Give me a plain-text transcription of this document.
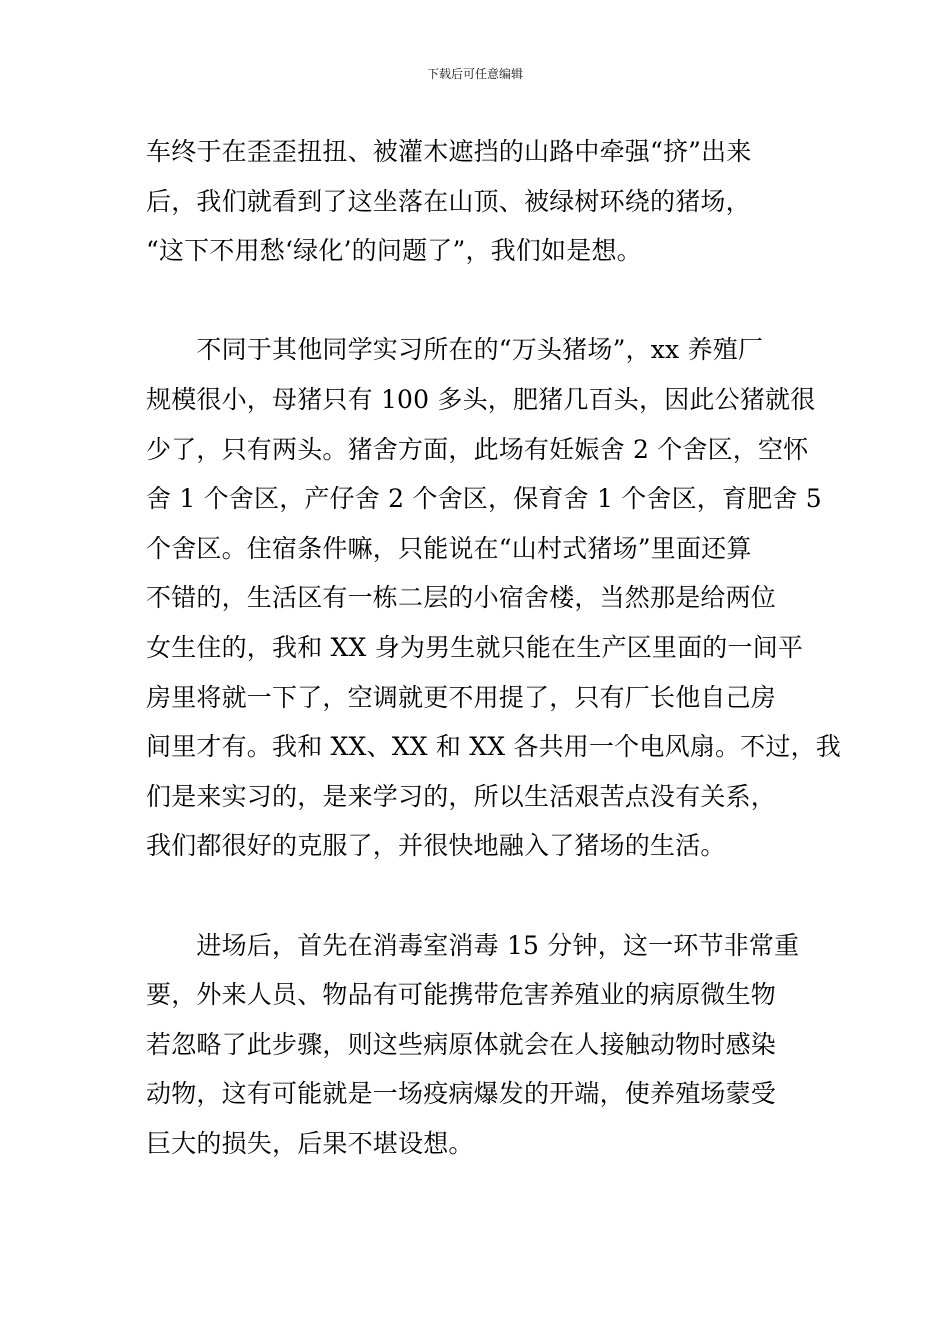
下载后可任意编辑
车终于在歪歪扭扭、被灌木遮挡的山路中牵强“挤”出来
后，我们就看到了这坐落在山顶、被绿树环绕的猪场，
“这下不用愁‘绿化’的问题了”，我们如是想。
　　不同于其他同学实习所在的“万头猪场”，xx 养殖厂
规模很小，母猪只有 100 多头，肥猪几百头，因此公猪就很
少了，只有两头。猪舍方面，此场有妊娠舍 2 个舍区，空怀
舍 1 个舍区，产仔舍 2 个舍区，保育舍 1 个舍区，育肥舍 5
个舍区。住宿条件嘛，只能说在“山村式猪场”里面还算
不错的，生活区有一栋二层的小宿舍楼，当然那是给两位
女生住的，我和 XX 身为男生就只能在生产区里面的一间平
房里将就一下了，空调就更不用提了，只有厂长他自己房
间里才有。我和 XX、XX 和 XX 各共用一个电风扇。不过，我
们是来实习的，是来学习的，所以生活艰苦点没有关系，
我们都很好的克服了，并很快地融入了猪场的生活。
　　进场后，首先在消毒室消毒 15 分钟，这一环节非常重
要，外来人员、物品有可能携带危害养殖业的病原微生物
若忽略了此步骤，则这些病原体就会在人接触动物时感染
动物，这有可能就是一场疫病爆发的开端，使养殖场蒙受
巨大的损失，后果不堪设想。
